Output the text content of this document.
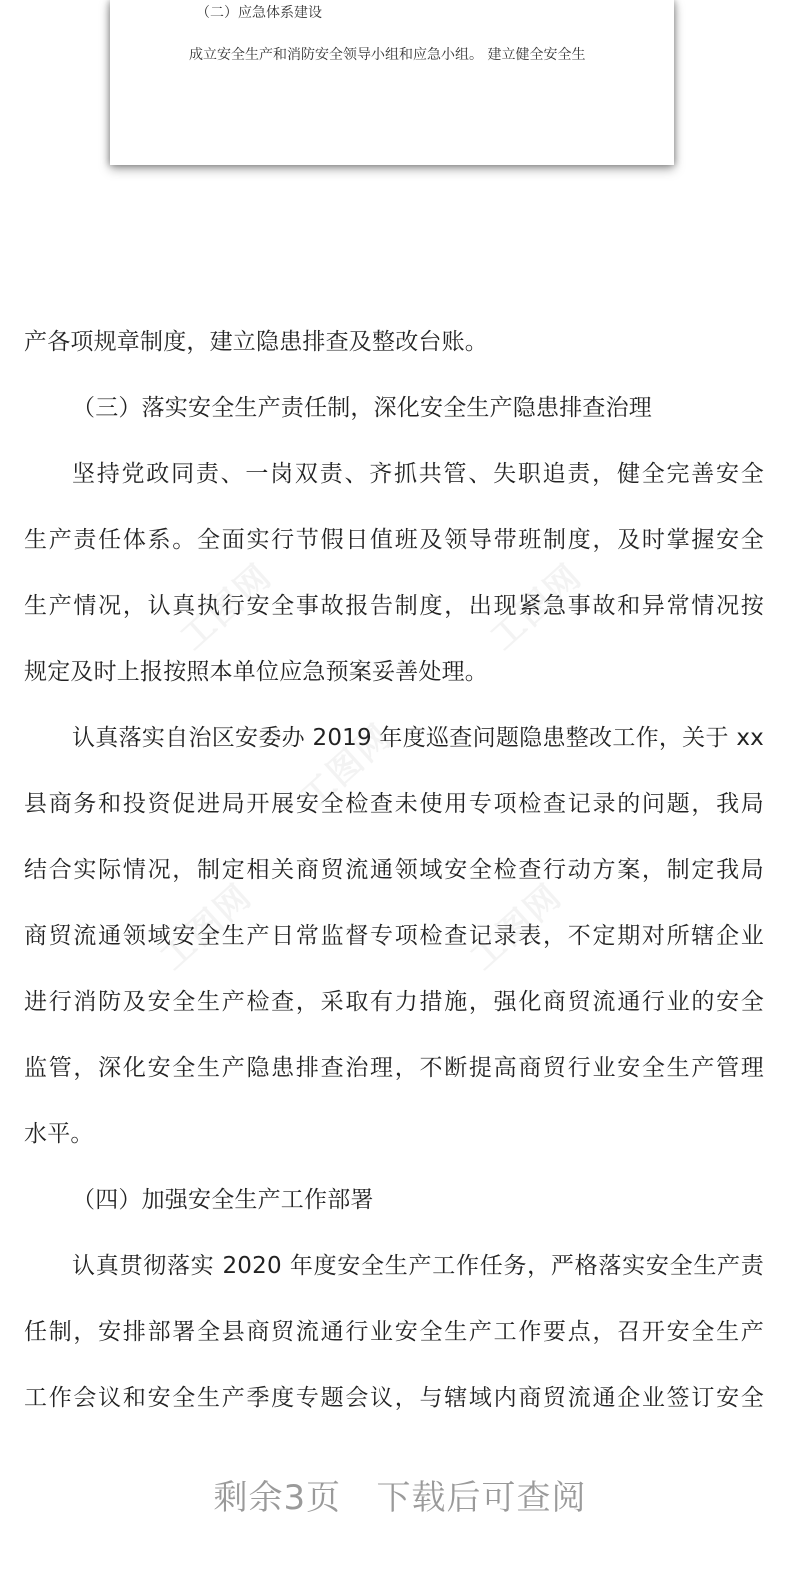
（二）应急体系建设
成立安全生产和消防安全领导小组和应急小组。 建立健全安全生
工图网	工图网
工图网
工图网	工图网
产各项规章制度，建立隐患排查及整改台账。
（三）落实安全生产责任制，深化安全生产隐患排查治理
坚持党政同责、一岗双责、齐抓共管、失职追责，健全完善安全
生产责任体系。全面实行节假日值班及领导带班制度，及时掌握安全
生产情况，认真执行安全事故报告制度，出现紧急事故和异常情况按
规定及时上报按照本单位应急预案妥善处理。
认真落实自治区安委办 2019 年度巡查问题隐患整改工作，关于 xx
县商务和投资促进局开展安全检查未使用专项检查记录的问题，我局
结合实际情况，制定相关商贸流通领域安全检查行动方案，制定我局
商贸流通领域安全生产日常监督专项检查记录表，不定期对所辖企业
进行消防及安全生产检查，采取有力措施，强化商贸流通行业的安全
监管，深化安全生产隐患排查治理，不断提高商贸行业安全生产管理
水平。
（四）加强安全生产工作部署
认真贯彻落实 2020 年度安全生产工作任务，严格落实安全生产责
任制，安排部署全县商贸流通行业安全生产工作要点，召开安全生产
工作会议和安全生产季度专题会议，与辖域内商贸流通企业签订安全
剩余3页 下载后可查阅
